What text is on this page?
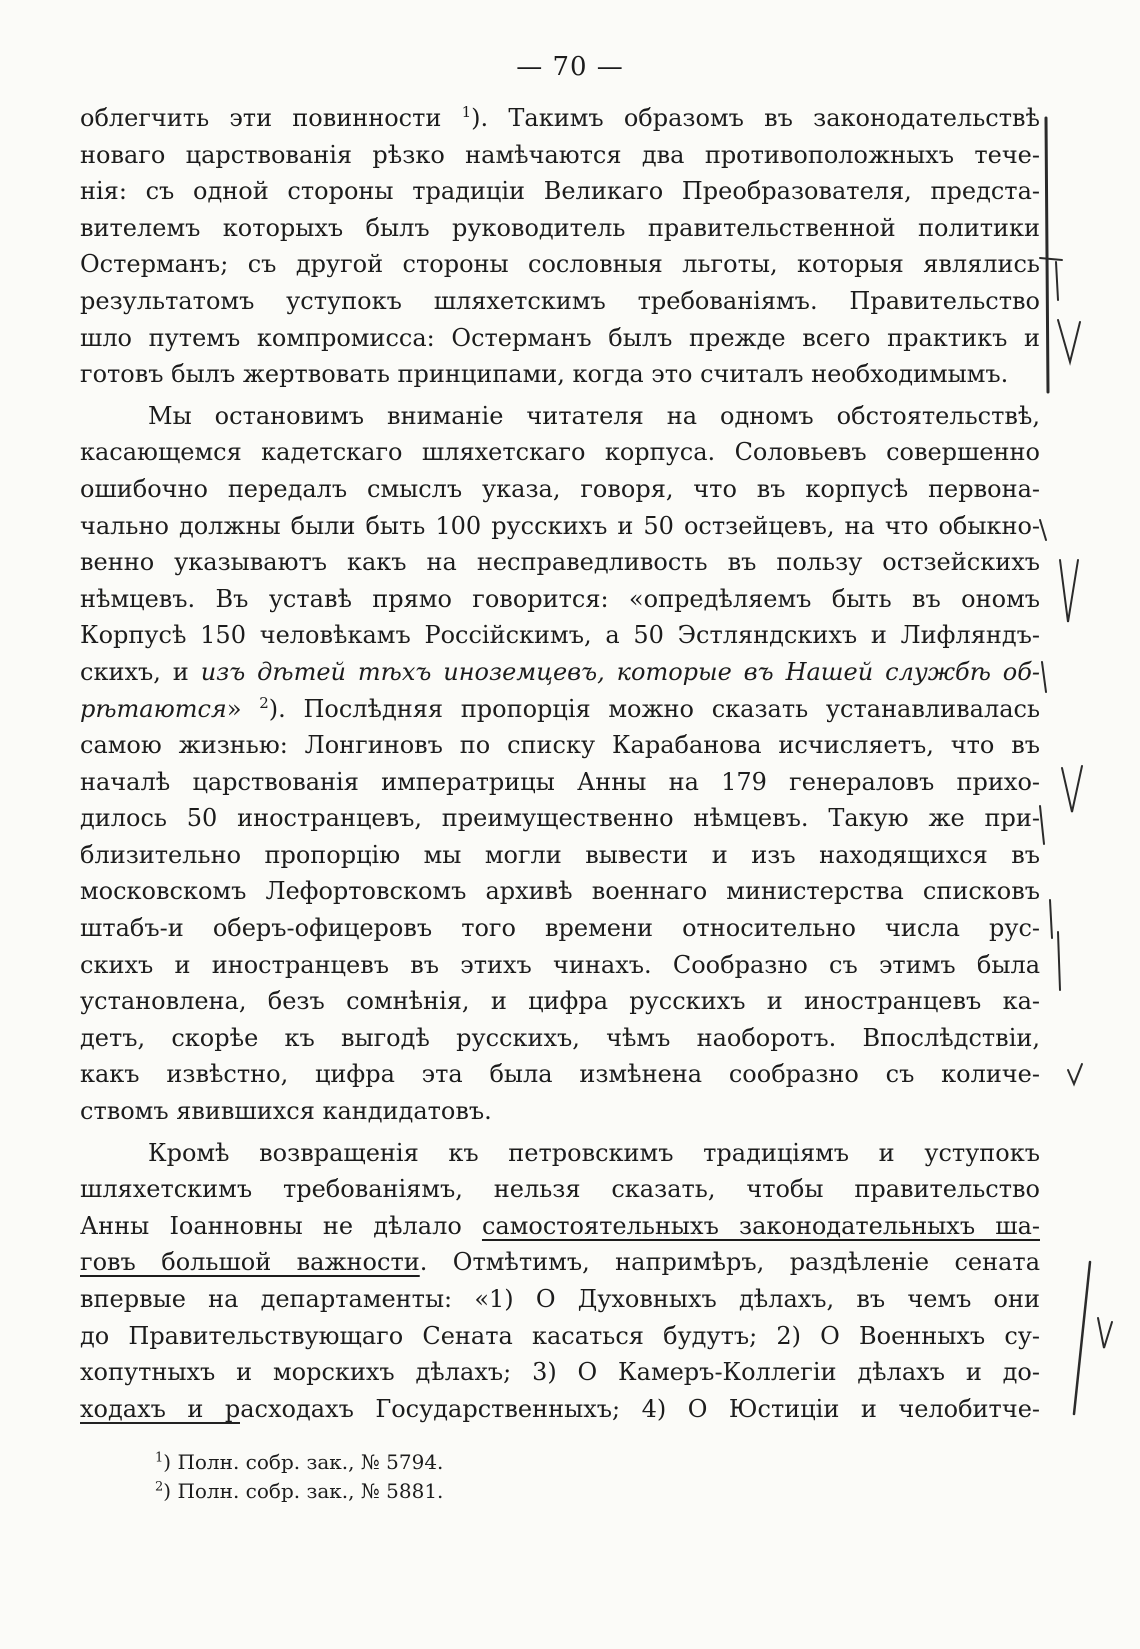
— 70 —
облегчить эти повинности $^1$). Такимъ образомъ въ законодательствѣ
новаго царствованія рѣзко намѣчаются два противоположныхъ тече-
нія: съ одной стороны традиціи Великаго Преобразователя, предста-
вителемъ которыхъ былъ руководитель правительственной политики
Остерманъ; съ другой стороны сословныя льготы, которыя являлись
результатомъ уступокъ шляхетскимъ требованіямъ. Правительство
шло путемъ компромисса: Остерманъ былъ прежде всего практикъ и
готовъ былъ жертвовать принципами, когда это считалъ необходимымъ.
Мы остановимъ вниманіе читателя на одномъ обстоятельствѣ,
касающемся кадетскаго шляхетскаго корпуса. Соловьевъ совершенно
ошибочно передалъ смыслъ указа, говоря, что въ корпусѣ первона-
чально должны были быть 100 русскихъ и 50 остзейцевъ, на что обыкно-
венно указываютъ какъ на несправедливость въ пользу остзейскихъ
нѣмцевъ. Въ уставѣ прямо говорится: «опредѣляемъ быть въ ономъ
Корпусѣ 150 человѣкамъ Россійскимъ, а 50 Эстляндскихъ и Лифляндъ-
скихъ, и изъ дѣтей тѣхъ иноземцевъ, которые въ Нашей службѣ об-
рѣтаются» $^2$). Послѣдняя пропорція можно сказать устанавливалась
самою жизнью: Лонгиновъ по списку Карабанова исчисляетъ, что въ
началѣ царствованія императрицы Анны на 179 генераловъ прихо-
дилось 50 иностранцевъ, преимущественно нѣмцевъ. Такую же при-
близительно пропорцію мы могли вывести и изъ находящихся въ
московскомъ Лефортовскомъ архивѣ военнаго министерства списковъ
штабъ-и оберъ-офицеровъ того времени относительно числа рус-
скихъ и иностранцевъ въ этихъ чинахъ. Сообразно съ этимъ была
установлена, безъ сомнѣнія, и цифра русскихъ и иностранцевъ ка-
детъ, скорѣе къ выгодѣ русскихъ, чѣмъ наоборотъ. Впослѣдствіи,
какъ извѣстно, цифра эта была измѣнена сообразно съ количе-
ствомъ явившихся кандидатовъ.
Кромѣ возвращенія къ петровскимъ традиціямъ и уступокъ
шляхетскимъ требованіямъ, нельзя сказать, чтобы правительство
Анны Іоанновны не дѣлало самостоятельныхъ законодательныхъ ша-
говъ большой важности. Отмѣтимъ, напримѣръ, раздѣленіе сената
впервые на департаменты: «1) О Духовныхъ дѣлахъ, въ чемъ они
до Правительствующаго Сената касаться будутъ; 2) О Военныхъ су-
хопутныхъ и морскихъ дѣлахъ; 3) О Камеръ-Коллегіи дѣлахъ и до-
ходахъ и расходахъ Государственныхъ; 4) О Юстиціи и челобитче-
$^1$) Полн. собр. зак., № 5794.
$^2$) Полн. собр. зак., № 5881.
